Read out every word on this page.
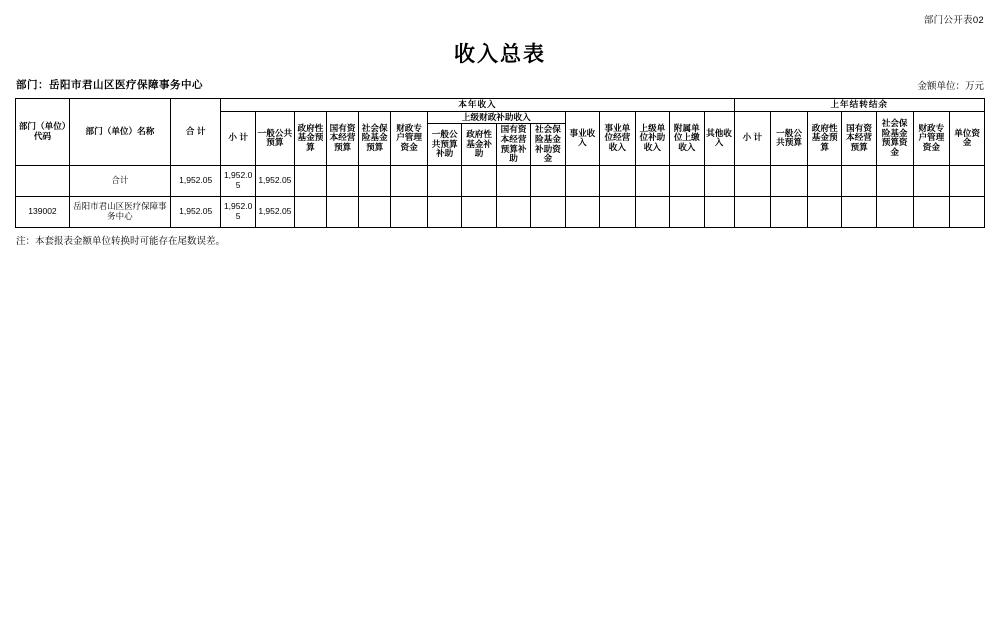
部门公开表02
收入总表
部门：岳阳市君山区医疗保障事务中心	金额单位：万元
部门（单位）代码	部门（单位）名称	合 计	本年收入															上年结转结余						
			小 计	一般公共预算	政府性基金预算	国有资本经营预算	社会保险基金预算	财政专户管理资金	上级财政补助收入				事业收入	事业单位经营收入	上级单位补助收入	附属单位上缴收入	其他收入	小 计	一般公共预算	政府性基金预算	国有资本经营预算	社会保险基金预算资金	财政专户管理资金	单位资金
									一般公共预算补助	政府性基金补助	国有资本经营预算补助	社会保险基金补助资金												

	合计	1,952.05	1,952.05	1,952.05																				
139002	岳阳市君山区医疗保障事务中心	1,952.05	1,952.05	1,952.05																				
注：本套报表金额单位转换时可能存在尾数误差。
